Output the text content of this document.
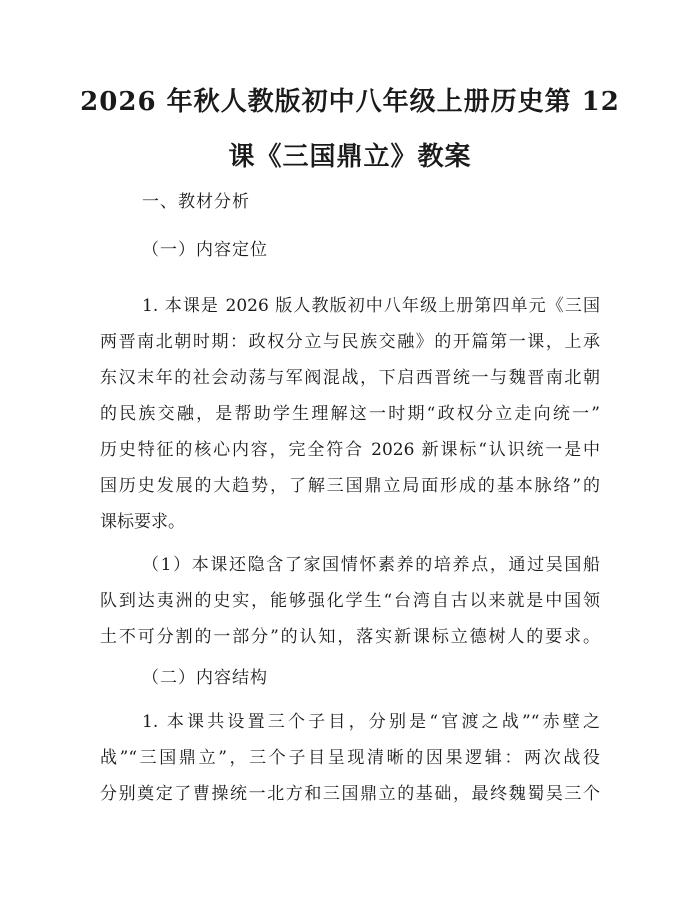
2026 年秋人教版初中八年级上册历史第 12
课《三国鼎立》教案
一、教材分析
（一）内容定位
1. 本课是 2026 版人教版初中八年级上册第四单元《三国
两晋南北朝时期：政权分立与民族交融》的开篇第一课，上承
东汉末年的社会动荡与军阀混战，下启西晋统一与魏晋南北朝
的民族交融，是帮助学生理解这一时期“政权分立走向统一”
历史特征的核心内容，完全符合 2026 新课标“认识统一是中
国历史发展的大趋势，了解三国鼎立局面形成的基本脉络”的
课标要求。
（1）本课还隐含了家国情怀素养的培养点，通过吴国船
队到达夷洲的史实，能够强化学生“台湾自古以来就是中国领
土不可分割的一部分”的认知，落实新课标立德树人的要求。
（二）内容结构
1. 本课共设置三个子目，分别是“官渡之战”“赤壁之
战”“三国鼎立”，三个子目呈现清晰的因果逻辑：两次战役
分别奠定了曹操统一北方和三国鼎立的基础，最终魏蜀吴三个
